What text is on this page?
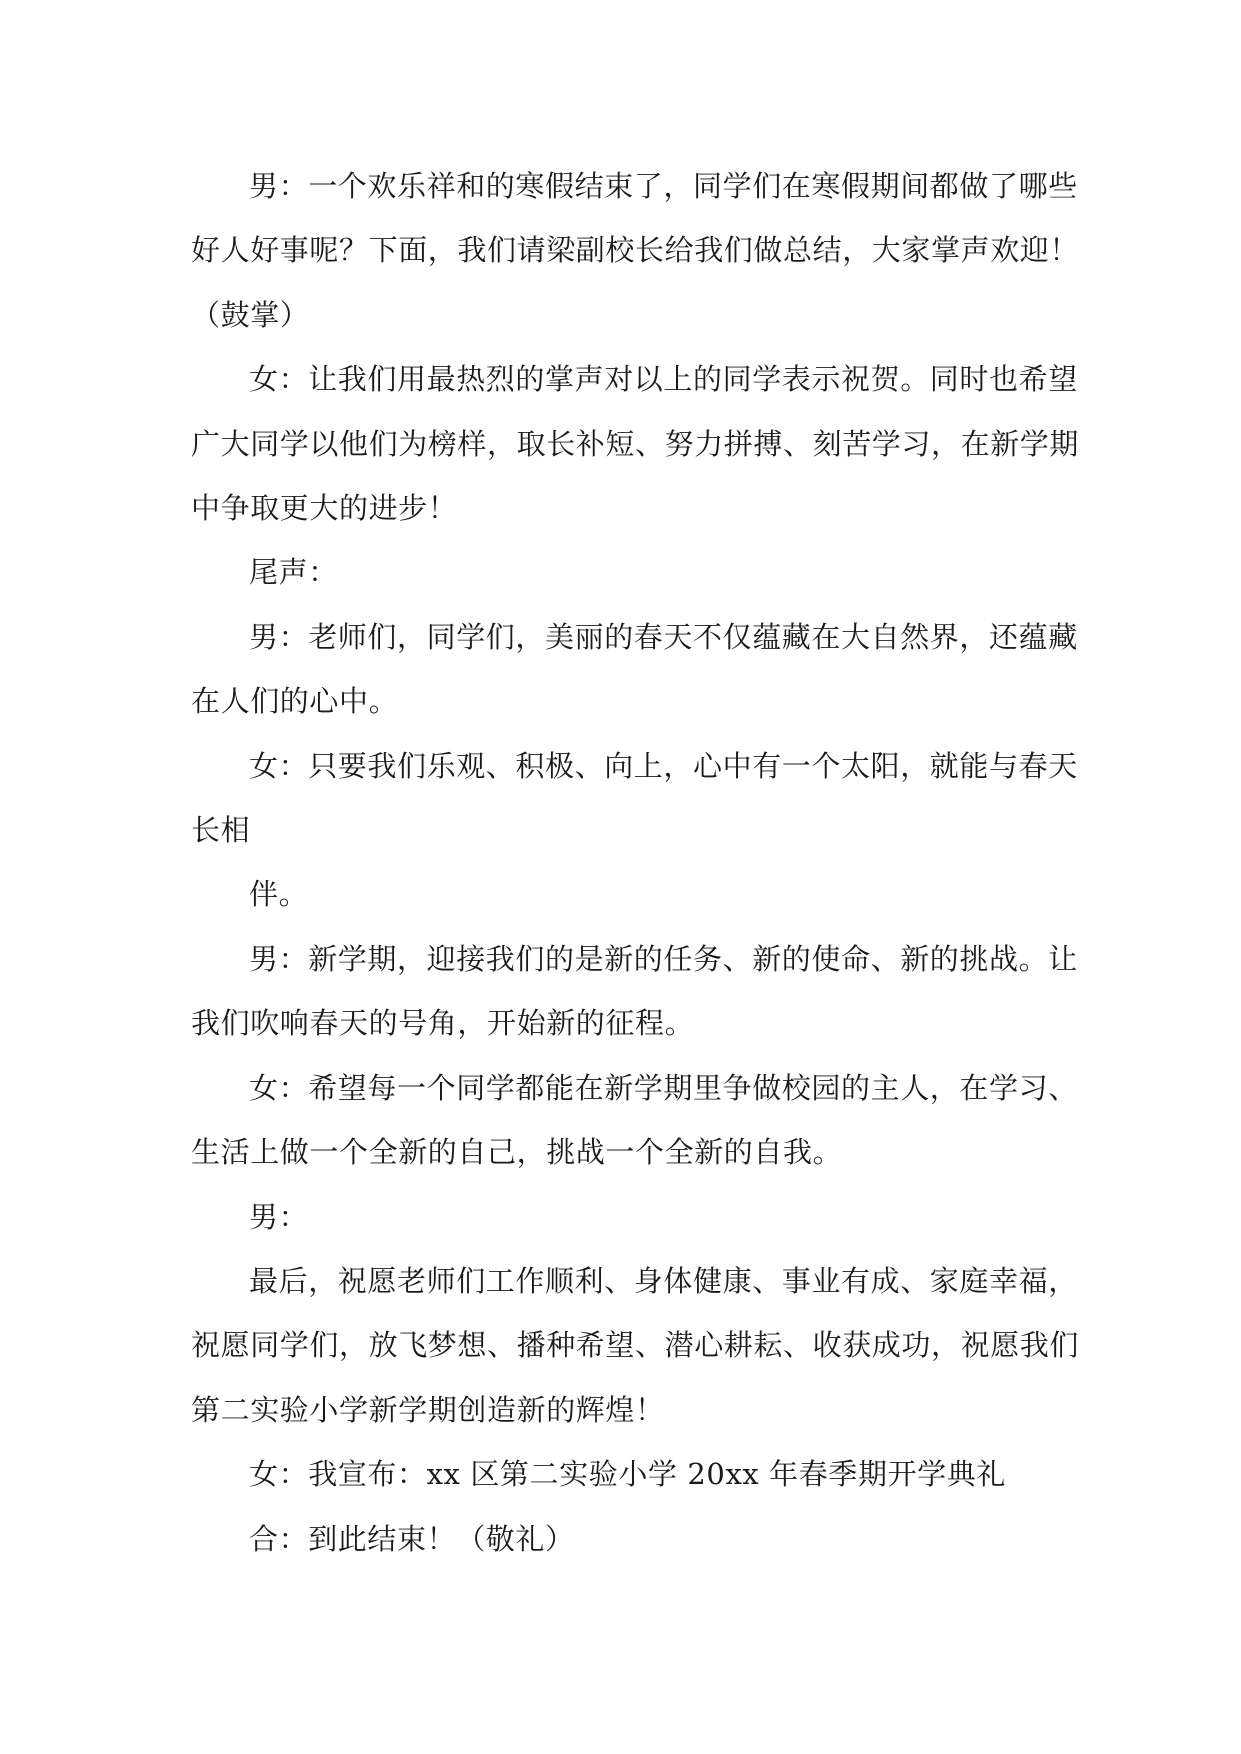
男：一个欢乐祥和的寒假结束了，同学们在寒假期间都做了哪些
好人好事呢？下面，我们请梁副校长给我们做总结，大家掌声欢迎！
（鼓掌）

女：让我们用最热烈的掌声对以上的同学表示祝贺。同时也希望
广大同学以他们为榜样，取长补短、努力拼搏、刻苦学习，在新学期
中争取更大的进步！

尾声：

男：老师们，同学们，美丽的春天不仅蕴藏在大自然界，还蕴藏
在人们的心中。

女：只要我们乐观、积极、向上，心中有一个太阳，就能与春天
长相

伴。

男：新学期，迎接我们的是新的任务、新的使命、新的挑战。让
我们吹响春天的号角，开始新的征程。

女：希望每一个同学都能在新学期里争做校园的主人，在学习、
生活上做一个全新的自己，挑战一个全新的自我。

男：

最后，祝愿老师们工作顺利、身体健康、事业有成、家庭幸福，
祝愿同学们，放飞梦想、播种希望、潜心耕耘、收获成功，祝愿我们
第二实验小学新学期创造新的辉煌！

女：我宣布：xx 区第二实验小学 20xx 年春季期开学典礼

合：到此结束！（敬礼）
